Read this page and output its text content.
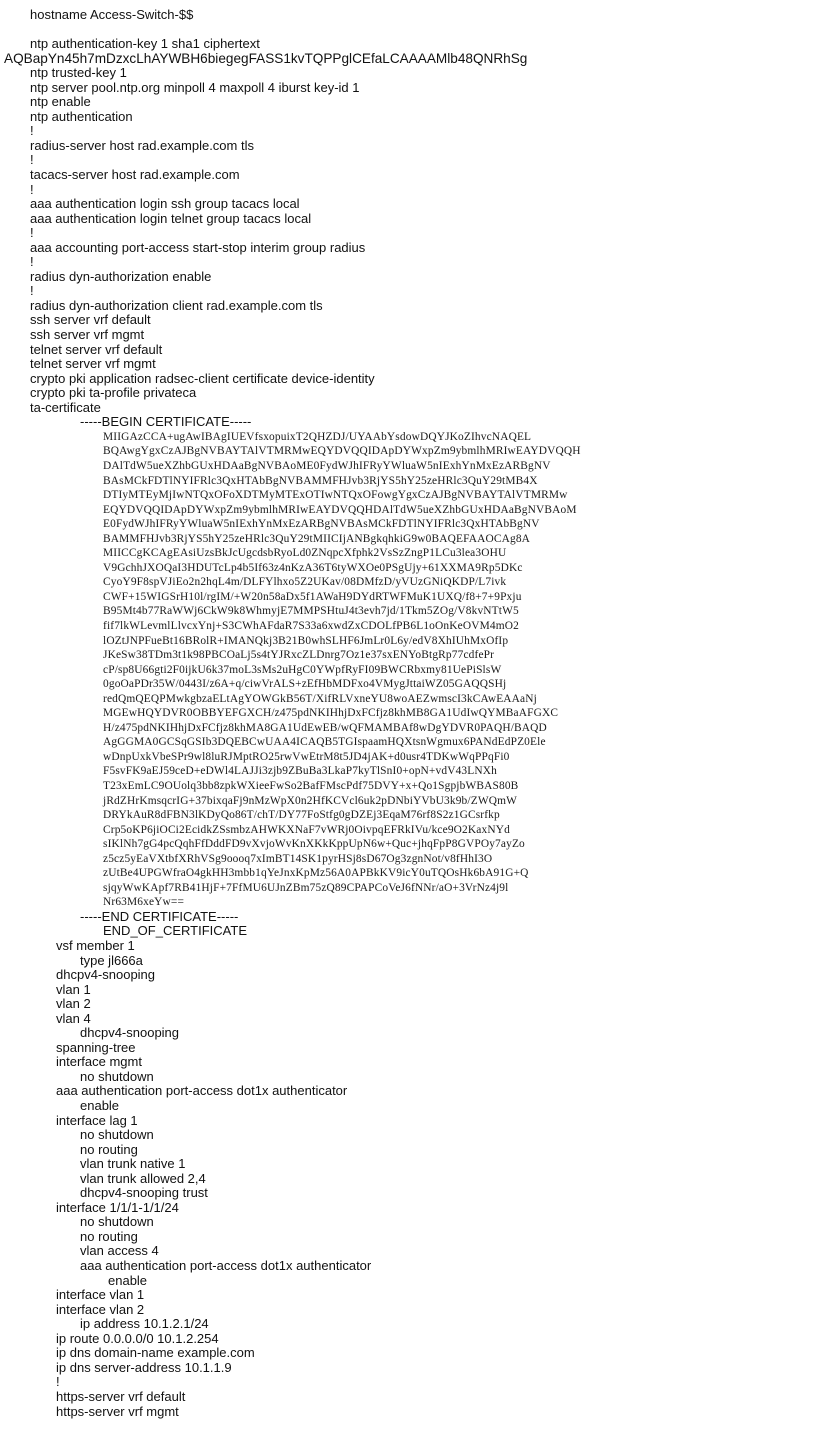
hostname Access-Switch-$$
ntp authentication-key 1 sha1 ciphertext
AQBapYn45h7mDzxcLhAYWBH6biegegFASS1kvTQPPglCEfaLCAAAAMlb48QNRhSg
ntp trusted-key 1
ntp server pool.ntp.org minpoll 4 maxpoll 4 iburst key-id 1
ntp enable
ntp authentication
!
radius-server host rad.example.com tls
!
tacacs-server host rad.example.com
!
aaa authentication login ssh group tacacs local
aaa authentication login telnet group tacacs local
!
aaa accounting port-access start-stop interim group radius
!
radius dyn-authorization enable
!
radius dyn-authorization client rad.example.com tls
ssh server vrf default
ssh server vrf mgmt
telnet server vrf default
telnet server vrf mgmt
crypto pki application radsec-client certificate device-identity
crypto pki ta-profile privateca
ta-certificate
-----BEGIN CERTIFICATE-----
MIIGAzCCA+ugAwIBAgIUEVfsxopuixT2QHZDJ/UYAAbYsdowDQYJKoZIhvcNAQEL
BQAwgYgxCzAJBgNVBAYTAlVTMRMwEQYDVQQIDApDYWxpZm9ybmlhMRIwEAYDVQQH
DAlTdW5ueXZhbGUxHDAaBgNVBAoME0FydWJhIFRyYWluaW5nIExhYnMxEzARBgNV
BAsMCkFDTlNYIFRlc3QxHTAbBgNVBAMMFHJvb3RjYS5hY25zeHRlc3QuY29tMB4X
DTIyMTEyMjIwNTQxOFoXDTMyMTExOTIwNTQxOFowgYgxCzAJBgNVBAYTAlVTMRMw
EQYDVQQIDApDYWxpZm9ybmlhMRIwEAYDVQQHDAlTdW5ueXZhbGUxHDAaBgNVBAoM
E0FydWJhIFRyYWluaW5nIExhYnMxEzARBgNVBAsMCkFDTlNYIFRlc3QxHTAbBgNV
BAMMFHJvb3RjYS5hY25zeHRlc3QuY29tMIICIjANBgkqhkiG9w0BAQEFAAOCAg8A
MIICCgKCAgEAsiUzsBkJcUgcdsbRyoLd0ZNqpcXfphk2VsSzZngP1LCu3lea3OHU
V9GchhJXOQaI3HDUTcLp4b5If63z4nKzA36T6tyWXOe0PSgUjy+61XXMA9Rp5DKc
CyoY9F8spVJiEo2n2hqL4m/DLFYlhxo5Z2UKav/08DMfzD/yVUzGNiQKDP/L7ivk
CWF+15WIGSrH10l/rgIM/+W20n58aDx5f1AWaH9DYdRTWFMuK1UXQ/f8+7+9Pxju
B95Mt4b77RaWWj6CkW9k8WhmyjE7MMPSHtuJ4t3evh7jd/1Tkm5ZOg/V8kvNTtW5
fif7lkWLevmlLlvcxYnj+S3CWhAFdaR7S33a6xwdZxCDOLfPB6L1oOnKeOVM4mO2
lOZtJNPFueBt16BRolR+IMANQkj3B21B0whSLHF6JmLr0L6y/edV8XhIUhMxOfIp
JKeSw38TDm3t1k98PBCOaLj5s4tYJRxcZLDnrg7Oz1e37sxENYoBtgRp77cdfePr
cP/sp8U66gti2F0ijkU6k37moL3sMs2uHgC0YWpfRyFI09BWCRbxmy81UePiSlsW
0goOaPDr35W/0443I/z6A+q/ciwVrALS+zEfHbMDFxo4VMygJttaiWZ05GAQQSHj
redQmQEQPMwkgbzaELtAgYOWGkB56T/XifRLVxneYU8woAEZwmscI3kCAwEAAaNj
MGEwHQYDVR0OBBYEFGXCH/z475pdNKIHhjDxFCfjz8khMB8GA1UdIwQYMBaAFGXC
H/z475pdNKIHhjDxFCfjz8khMA8GA1UdEwEB/wQFMAMBAf8wDgYDVR0PAQH/BAQD
AgGGMA0GCSqGSIb3DQEBCwUAA4ICAQB5TGIspaamHQXtsnWgmux6PANdEdPZ0Ele
wDnpUxkVbeSPr9wl8luRJMptRO25rwVwEtrM8t5JD4jAK+d0usr4TDKwWqPPqFi0
F5svFK9aEJ59ceD+eDWl4LAJJi3zjb9ZBuBa3LkaP7kyTlSnI0+opN+vdV43LNXh
T23xEmLC9OUolq3bb8zpkWXieeFwSo2BafFMscPdf75DVY+x+Qo1SgpjbWBAS80B
jRdZHrKmsqcrIG+37bixqaFj9nMzWpX0n2HfKCVcl6uk2pDNbiYVbU3k9b/ZWQmW
DRYkAuR8dFBN3lKDyQo86T/chT/DY77FoStfg0gDZEj3EqaM76rf8S2z1GCsrfkp
Crp5oKP6jiOCi2EcidkZSsmbzAHWKXNaF7vWRj0OivpqEFRkIVu/kce9O2KaxNYd
sIKlNh7gG4pcQqhFfDddFD9vXvjoWvKnXKkKppUpN6w+Quc+jhqFpP8GVPOy7ayZo
z5cz5yEaVXtbfXRhVSg9oooq7xImBT14SK1pyrHSj8sD67Og3zgnNot/v8fHhI3O
zUtBe4UPGWfraO4gkHH3mbb1qYeJnxKpMz56A0APBkKV9icY0uTQOsHk6bA91G+Q
sjqyWwKApf7RB41HjF+7FfMU6UJnZBm75zQ89CPAPCoVeJ6fNNr/aO+3VrNz4j9l
Nr63M6xeYw==
-----END CERTIFICATE-----
END_OF_CERTIFICATE
vsf member 1
type jl666a
dhcpv4-snooping
vlan 1
vlan 2
vlan 4
dhcpv4-snooping
spanning-tree
interface mgmt
no shutdown
aaa authentication port-access dot1x authenticator
enable
interface lag 1
no shutdown
no routing
vlan trunk native 1
vlan trunk allowed 2,4
dhcpv4-snooping trust
interface 1/1/1-1/1/24
no shutdown
no routing
vlan access 4
aaa authentication port-access dot1x authenticator
enable
interface vlan 1
interface vlan 2
ip address 10.1.2.1/24
ip route 0.0.0.0/0 10.1.2.254
ip dns domain-name example.com
ip dns server-address 10.1.1.9
!
https-server vrf default
https-server vrf mgmt
